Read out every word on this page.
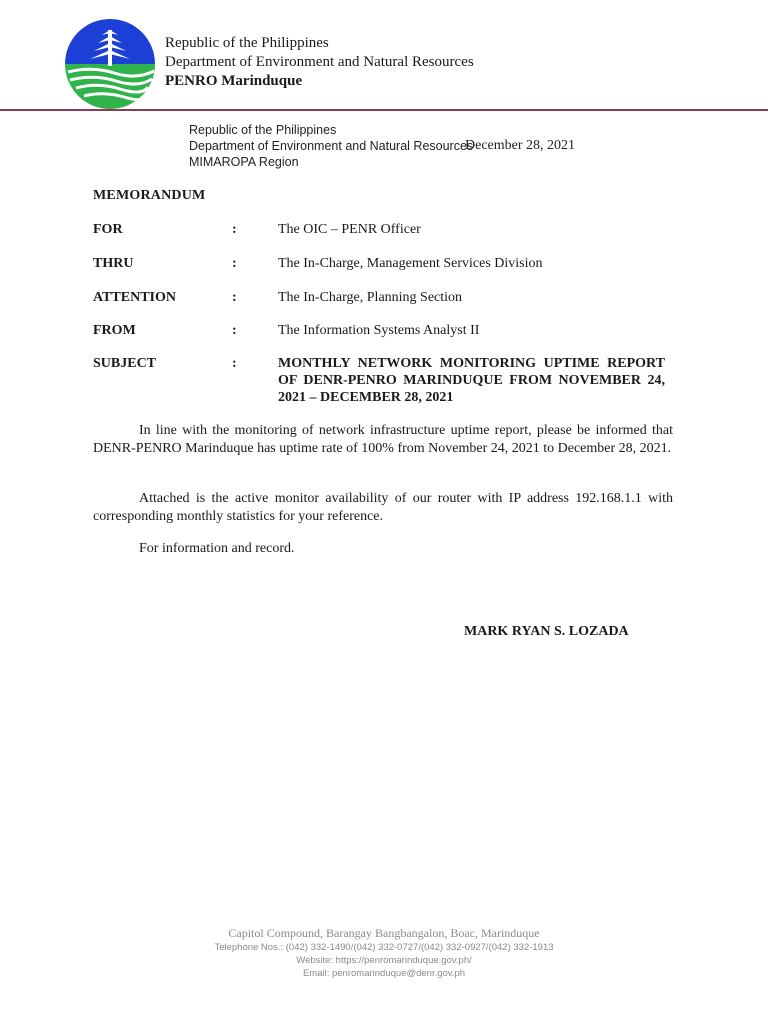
Republic of the Philippines
Department of Environment and Natural Resources
PENRO Marinduque
Republic of the Philippines
Department of Environment and Natural Resources
MIMAROPA Region
December 28, 2021
MEMORANDUM
FOR	:	The OIC – PENR Officer
THRU	:	The In-Charge, Management Services Division
ATTENTION	:	The In-Charge, Planning Section
FROM	:	The Information Systems Analyst II
SUBJECT	:	MONTHLY NETWORK MONITORING UPTIME REPORT OF DENR-PENRO MARINDUQUE FROM NOVEMBER 24, 2021 – DECEMBER 28, 2021
In line with the monitoring of network infrastructure uptime report, please be informed that DENR-PENRO Marinduque has uptime rate of 100% from November 24, 2021 to December 28, 2021.
Attached is the active monitor availability of our router with IP address 192.168.1.1 with corresponding monthly statistics for your reference.
For information and record.
MARK RYAN S. LOZADA
Capitol Compound, Barangay Bangbangalon, Boac, Marinduque
Telephone Nos.: (042) 332-1490/(042) 332-0727/(042) 332-0927/(042) 332-1913
Website: https://penromarinduque.gov.ph/
Email: penromarinduque@denr.gov.ph
